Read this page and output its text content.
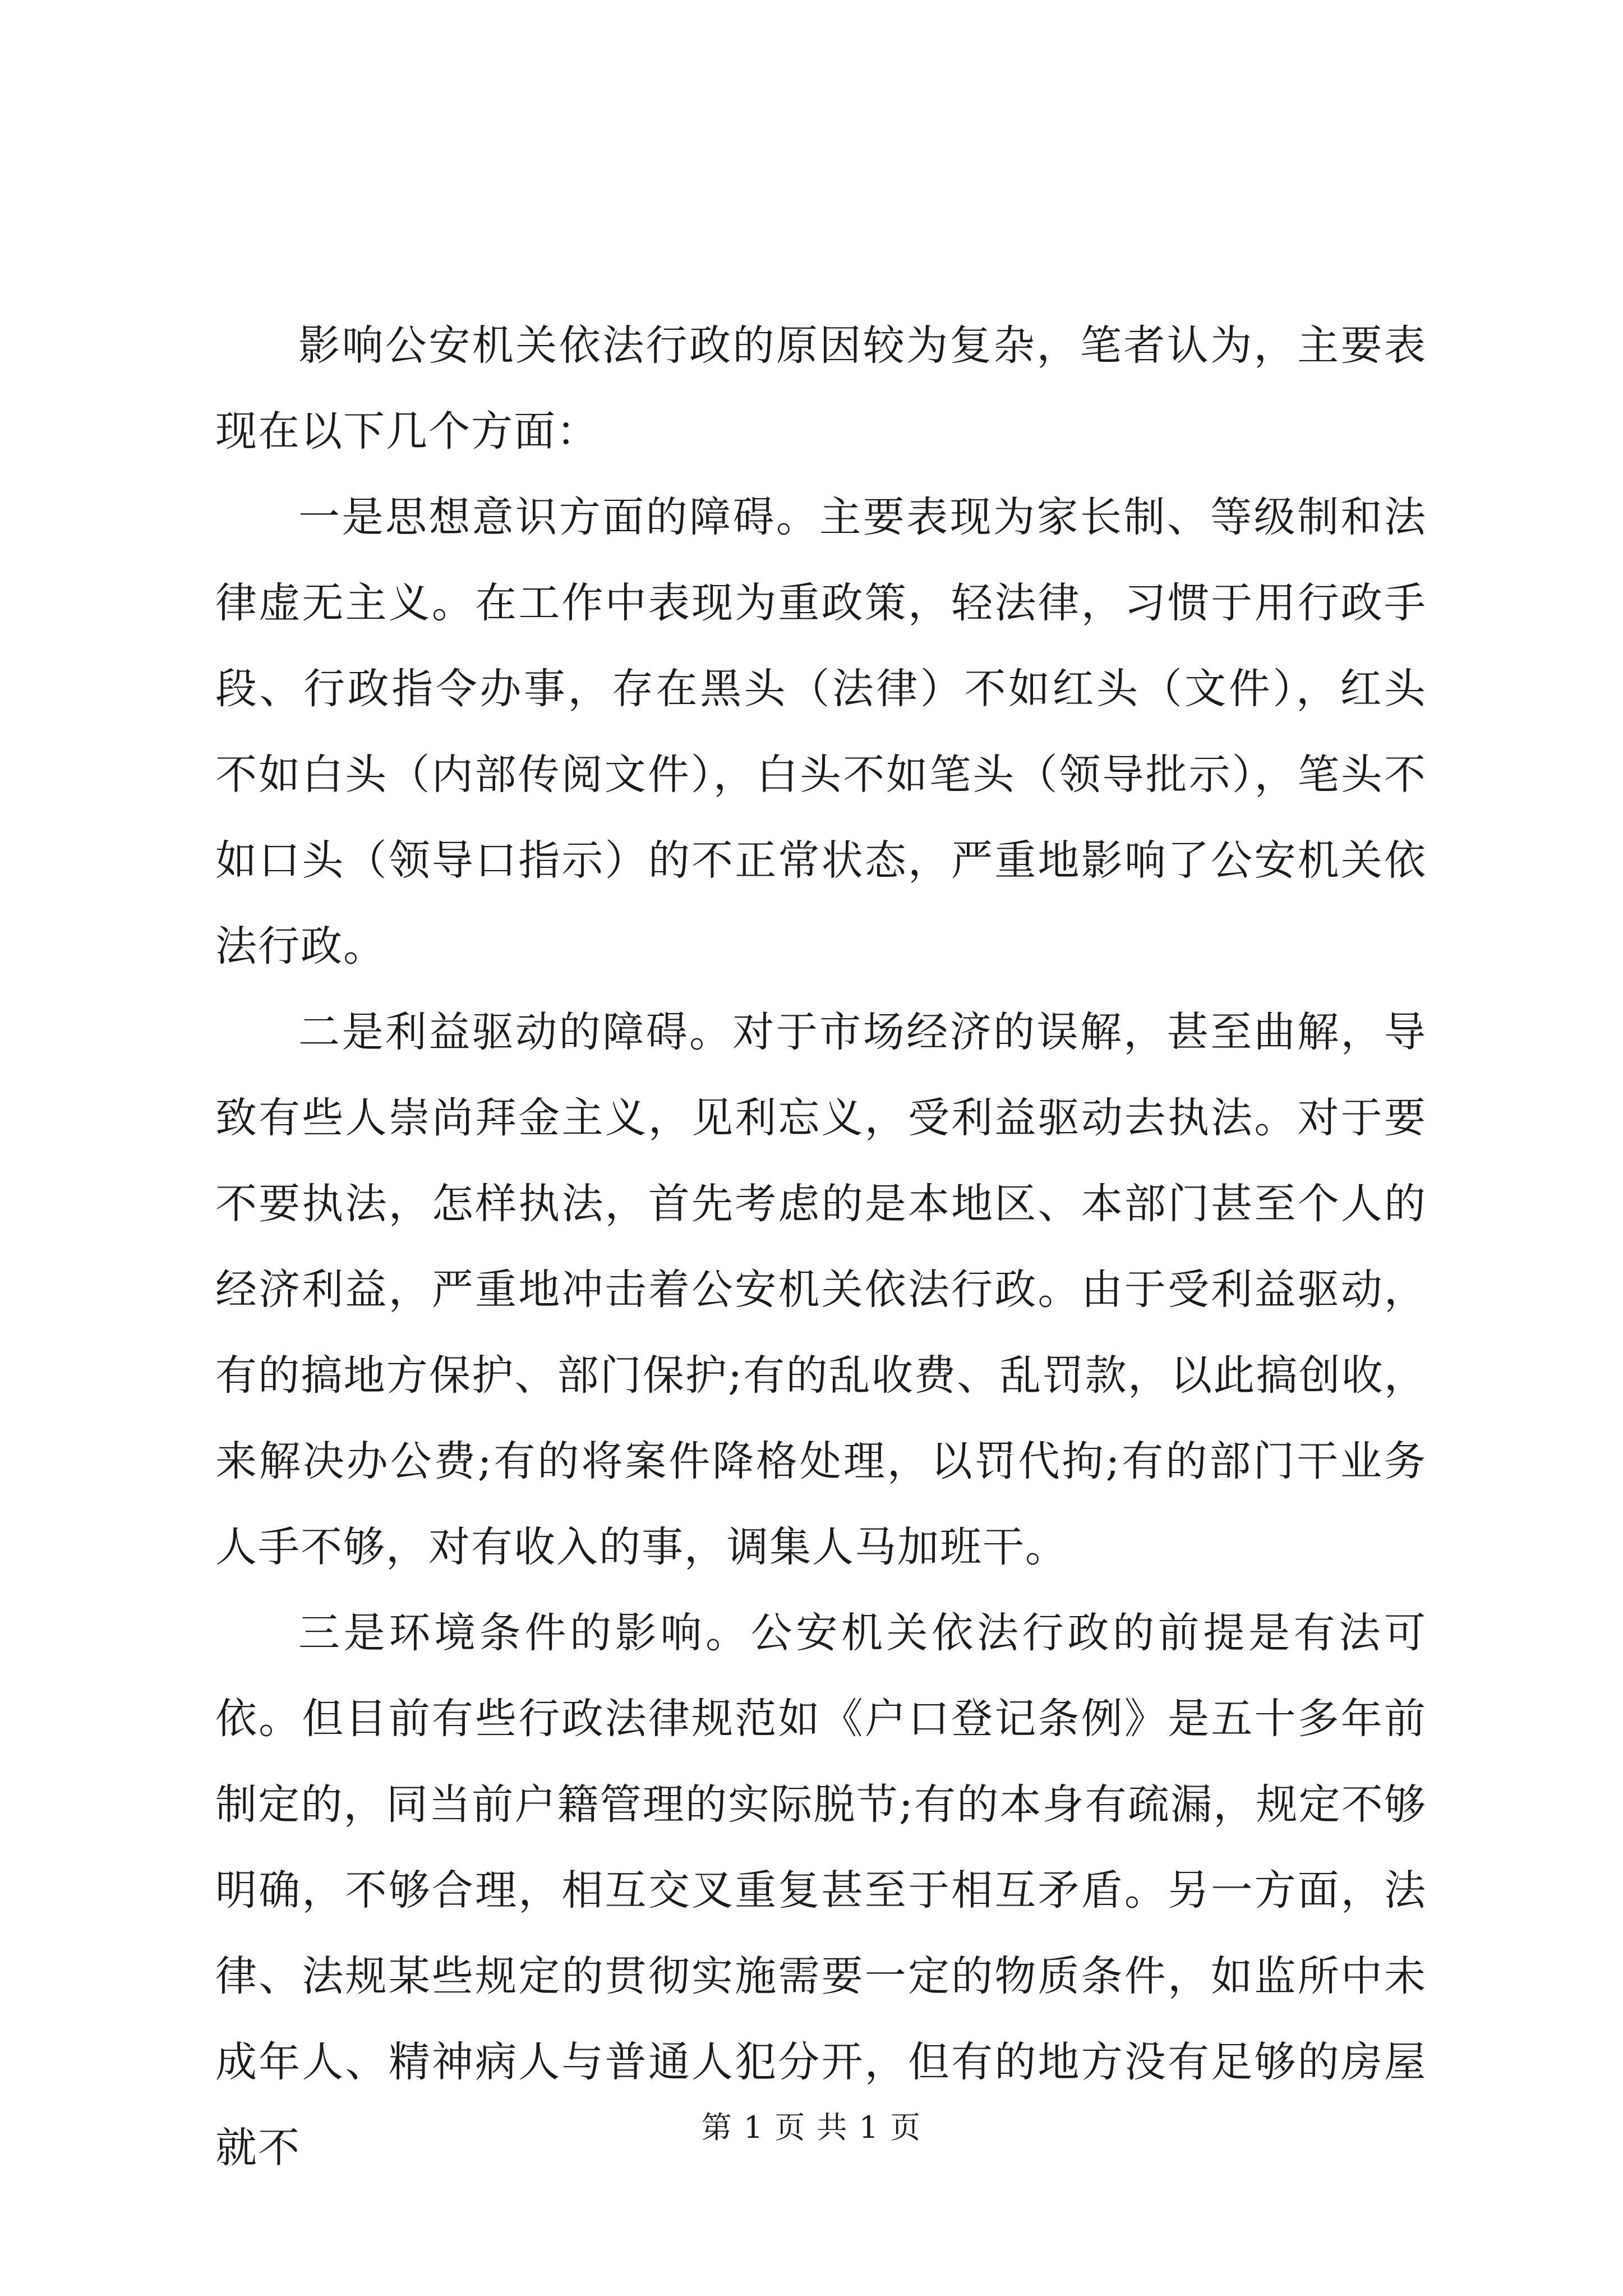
影响公安机关依法行政的原因较为复杂，笔者认为，主要表现在以下几个方面：

一是思想意识方面的障碍。主要表现为家长制、等级制和法律虚无主义。在工作中表现为重政策，轻法律，习惯于用行政手段、行政指令办事，存在黑头（法律）不如红头（文件），红头不如白头（内部传阅文件），白头不如笔头（领导批示），笔头不如口头（领导口指示）的不正常状态，严重地影响了公安机关依法行政。

二是利益驱动的障碍。对于市场经济的误解，甚至曲解，导致有些人崇尚拜金主义，见利忘义，受利益驱动去执法。对于要不要执法，怎样执法，首先考虑的是本地区、本部门甚至个人的经济利益，严重地冲击着公安机关依法行政。由于受利益驱动，有的搞地方保护、部门保护;有的乱收费、乱罚款，以此搞创收，来解决办公费;有的将案件降格处理，以罚代拘;有的部门干业务人手不够，对有收入的事，调集人马加班干。

三是环境条件的影响。公安机关依法行政的前提是有法可依。但目前有些行政法律规范如《户口登记条例》是五十多年前制定的，同当前户籍管理的实际脱节;有的本身有疏漏，规定不够明确，不够合理，相互交叉重复甚至于相互矛盾。另一方面，法律、法规某些规定的贯彻实施需要一定的物质条件，如监所中未成年人、精神病人与普通人犯分开，但有的地方没有足够的房屋就不	第 1 页 共 1 页
